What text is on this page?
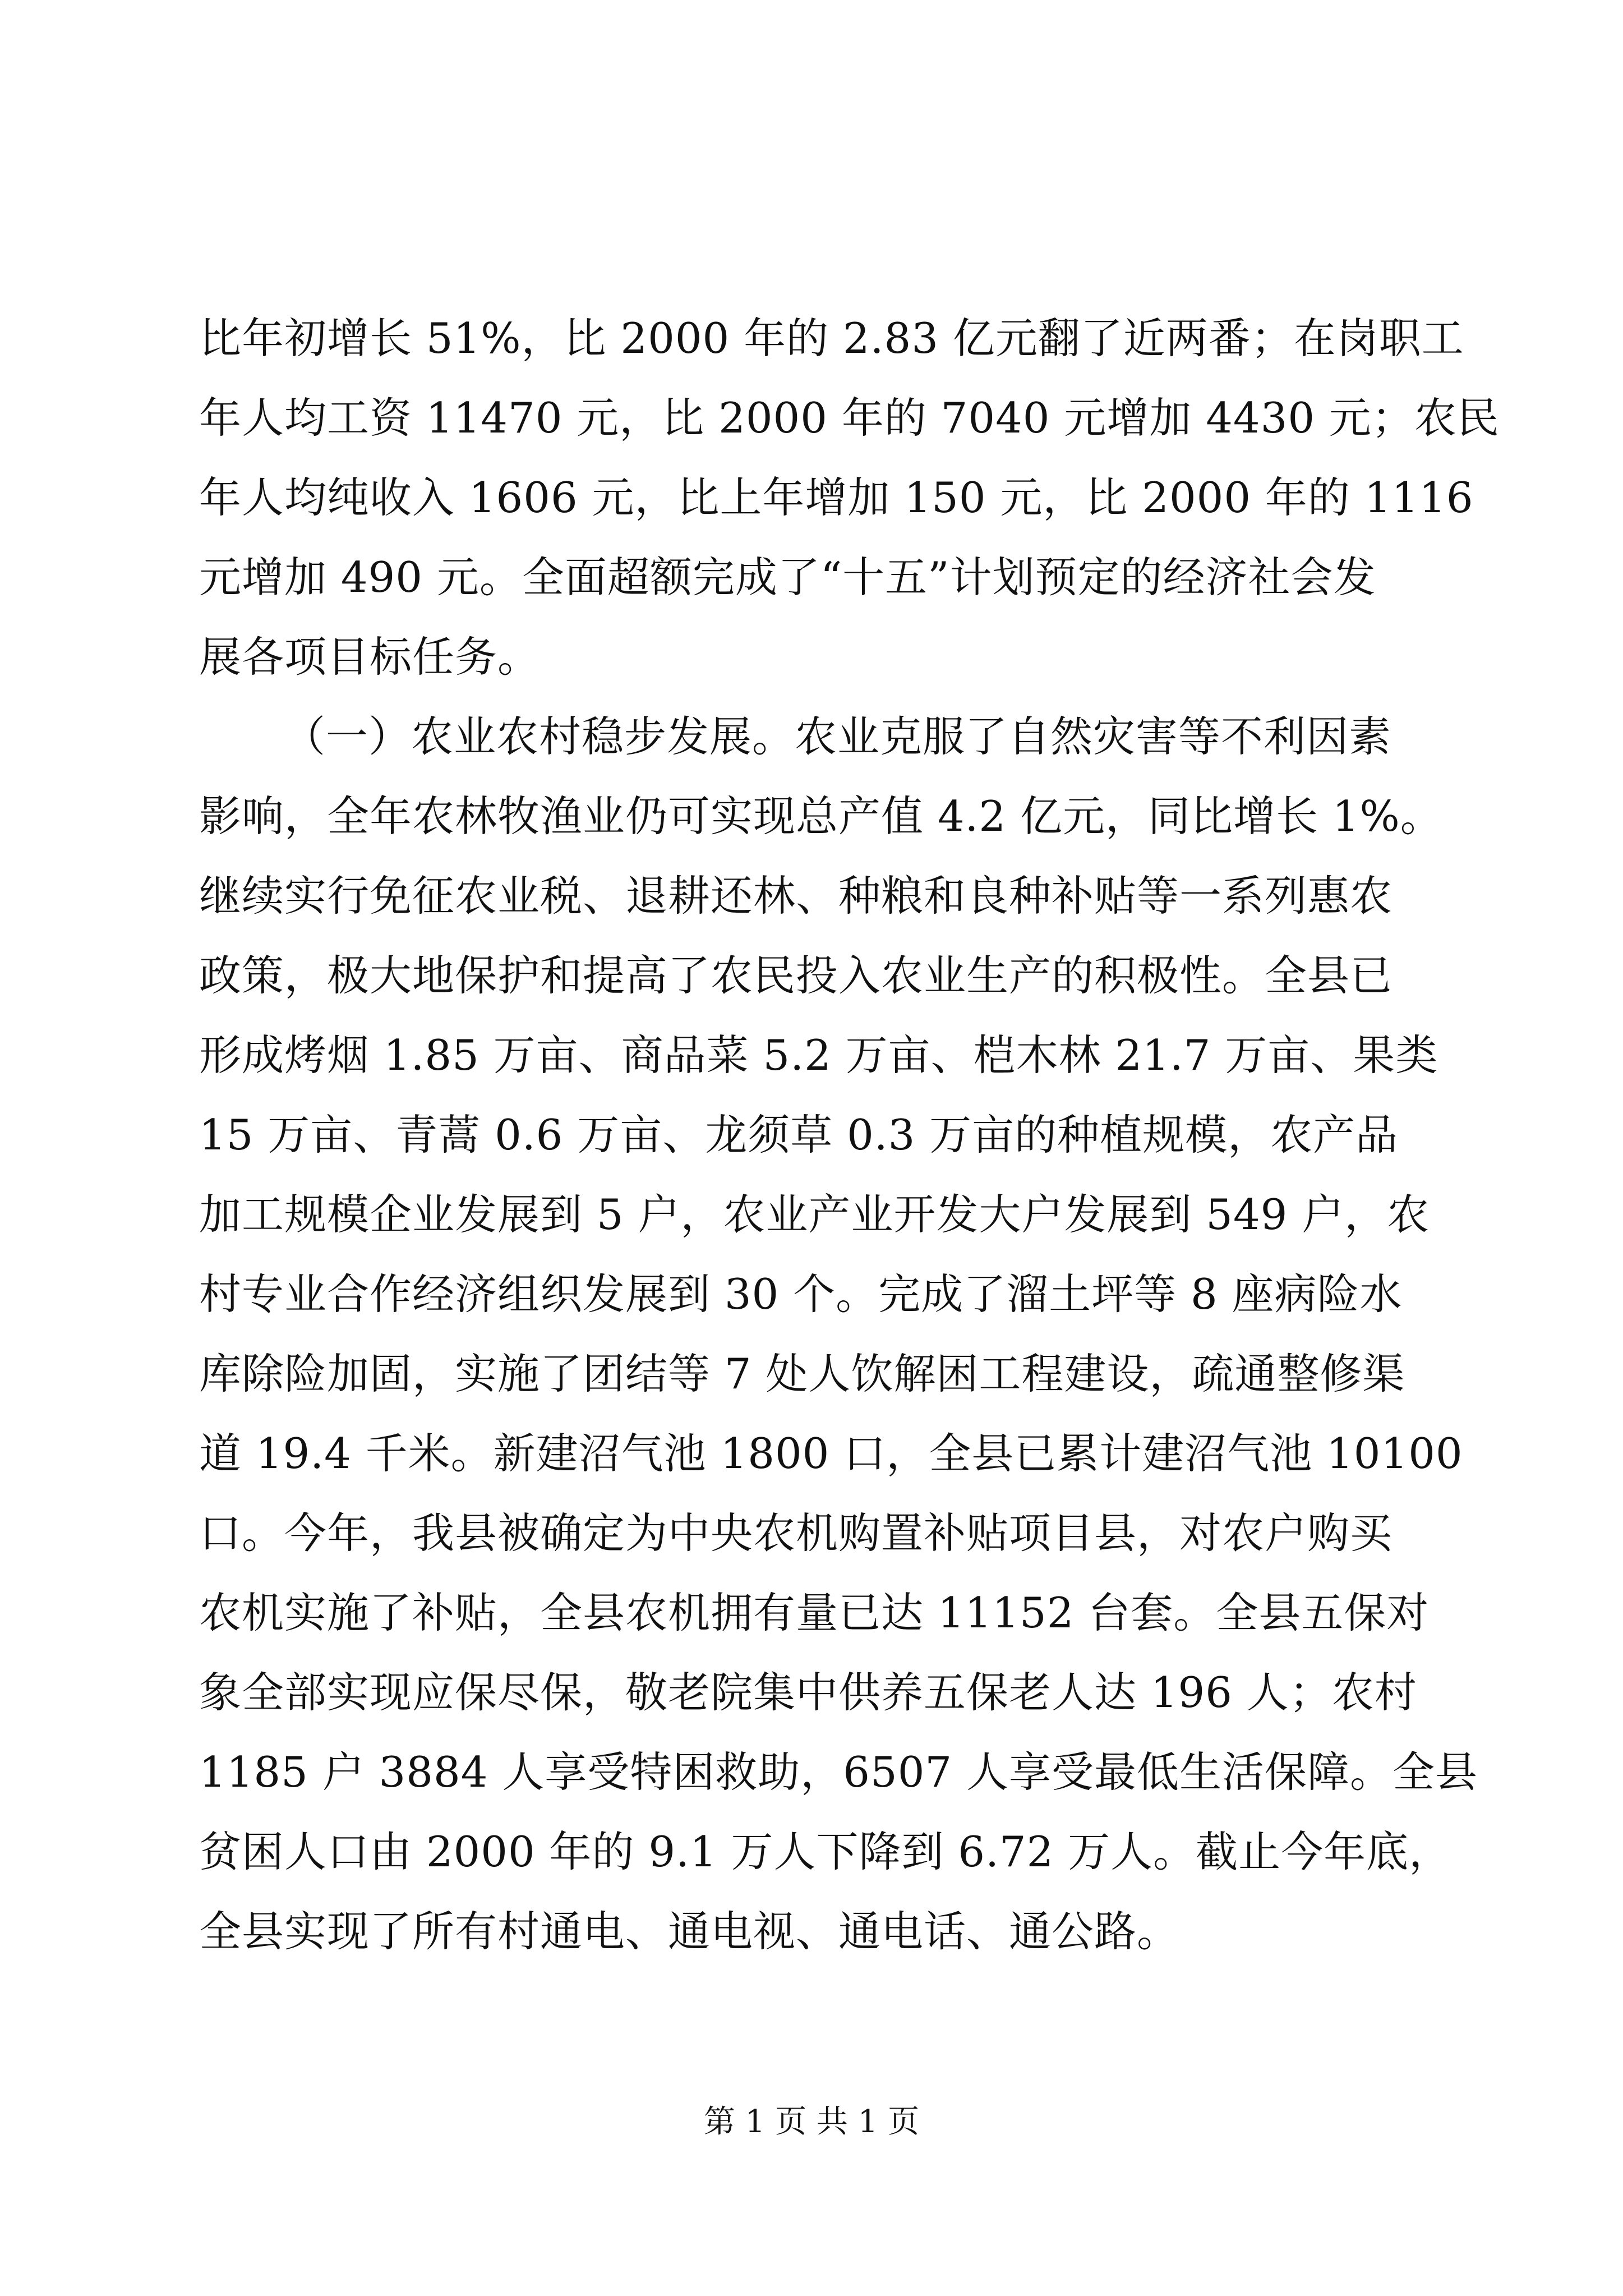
比年初增长 51%，比 2000 年的 2.83 亿元翻了近两番；在岗职工
年人均工资 11470 元，比 2000 年的 7040 元增加 4430 元；农民
年人均纯收入 1606 元，比上年增加 150 元，比 2000 年的 1116
元增加 490 元。全面超额完成了“十五”计划预定的经济社会发
展各项目标任务。
（一）农业农村稳步发展。农业克服了自然灾害等不利因素
影响，全年农林牧渔业仍可实现总产值 4.2 亿元，同比增长 1%。
继续实行免征农业税、退耕还林、种粮和良种补贴等一系列惠农
政策，极大地保护和提高了农民投入农业生产的积极性。全县已
形成烤烟 1.85 万亩、商品菜 5.2 万亩、桤木林 21.7 万亩、果类
15 万亩、青蒿 0.6 万亩、龙须草 0.3 万亩的种植规模，农产品
加工规模企业发展到 5 户，农业产业开发大户发展到 549 户，农
村专业合作经济组织发展到 30 个。完成了溜土坪等 8 座病险水
库除险加固，实施了团结等 7 处人饮解困工程建设，疏通整修渠
道 19.4 千米。新建沼气池 1800 口，全县已累计建沼气池 10100
口。今年，我县被确定为中央农机购置补贴项目县，对农户购买
农机实施了补贴，全县农机拥有量已达 11152 台套。全县五保对
象全部实现应保尽保，敬老院集中供养五保老人达 196 人；农村
1185 户 3884 人享受特困救助，6507 人享受最低生活保障。全县
贫困人口由 2000 年的 9.1 万人下降到 6.72 万人。截止今年底，
全县实现了所有村通电、通电视、通电话、通公路。
第 1 页 共 1 页
